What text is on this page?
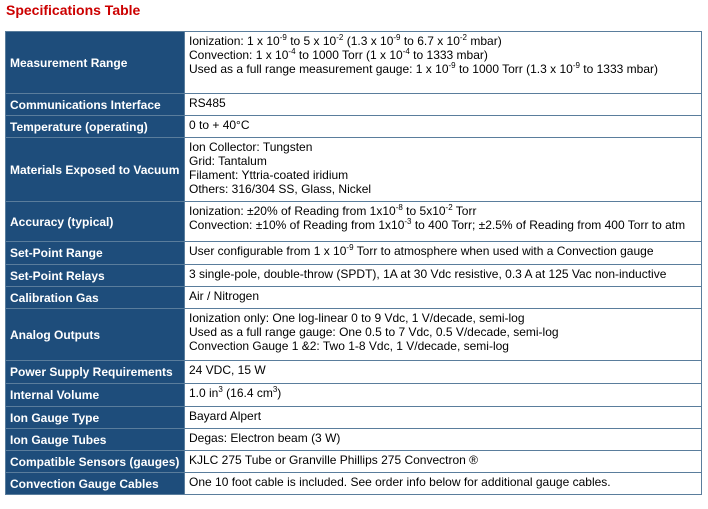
Specifications Table
Measurement Range	Ionization: 1 x $10^{-9}$ to 5 x $10^{-2}$ (1.3 x $10^{-9}$ to 6.7 x $10^{-2}$ mbar)
Convection: 1 x $10^{-4}$ to 1000 Torr (1 x $10^{-4}$ to 1333 mbar)
Used as a full range measurement gauge: 1 x $10^{-9}$ to 1000 Torr (1.3 x $10^{-9}$ to 1333 mbar)

Communications Interface	RS485

Temperature (operating)	0 to + 40°C

Materials Exposed to Vacuum	Ion Collector: Tungsten
Grid: Tantalum
Filament: Yttria-coated iridium
Others: 316/304 SS, Glass, Nickel

Accuracy (typical)	Ionization: ±20% of Reading from $1x10^{-8}$ to $5x10^{-2}$ Torr
Convection: ±10% of Reading from $1x10^{-3}$ to 400 Torr; ±2.5% of Reading from 400 Torr to atm

Set-Point Range	User configurable from 1 x $10^{-9}$ Torr to atmosphere when used with a Convection gauge

Set-Point Relays	3 single-pole, double-throw (SPDT), 1A at 30 Vdc resistive, 0.3 A at 125 Vac non-inductive

Calibration Gas	Air / Nitrogen

Analog Outputs	Ionization only: One log-linear 0 to 9 Vdc, 1 V/decade, semi-log
Used as a full range gauge: One 0.5 to 7 Vdc, 0.5 V/decade, semi-log
Convection Gauge 1 &2: Two 1-8 Vdc, 1 V/decade, semi-log

Power Supply Requirements	24 VDC, 15 W

Internal Volume	1.0 $in^3$ (16.4 $cm^3$)

Ion Gauge Type	Bayard Alpert

Ion Gauge Tubes	Degas: Electron beam (3 W)

Compatible Sensors (gauges)	KJLC 275 Tube or Granville Phillips 275 Convectron ®

Convection Gauge Cables	One 10 foot cable is included. See order info below for additional gauge cables.
